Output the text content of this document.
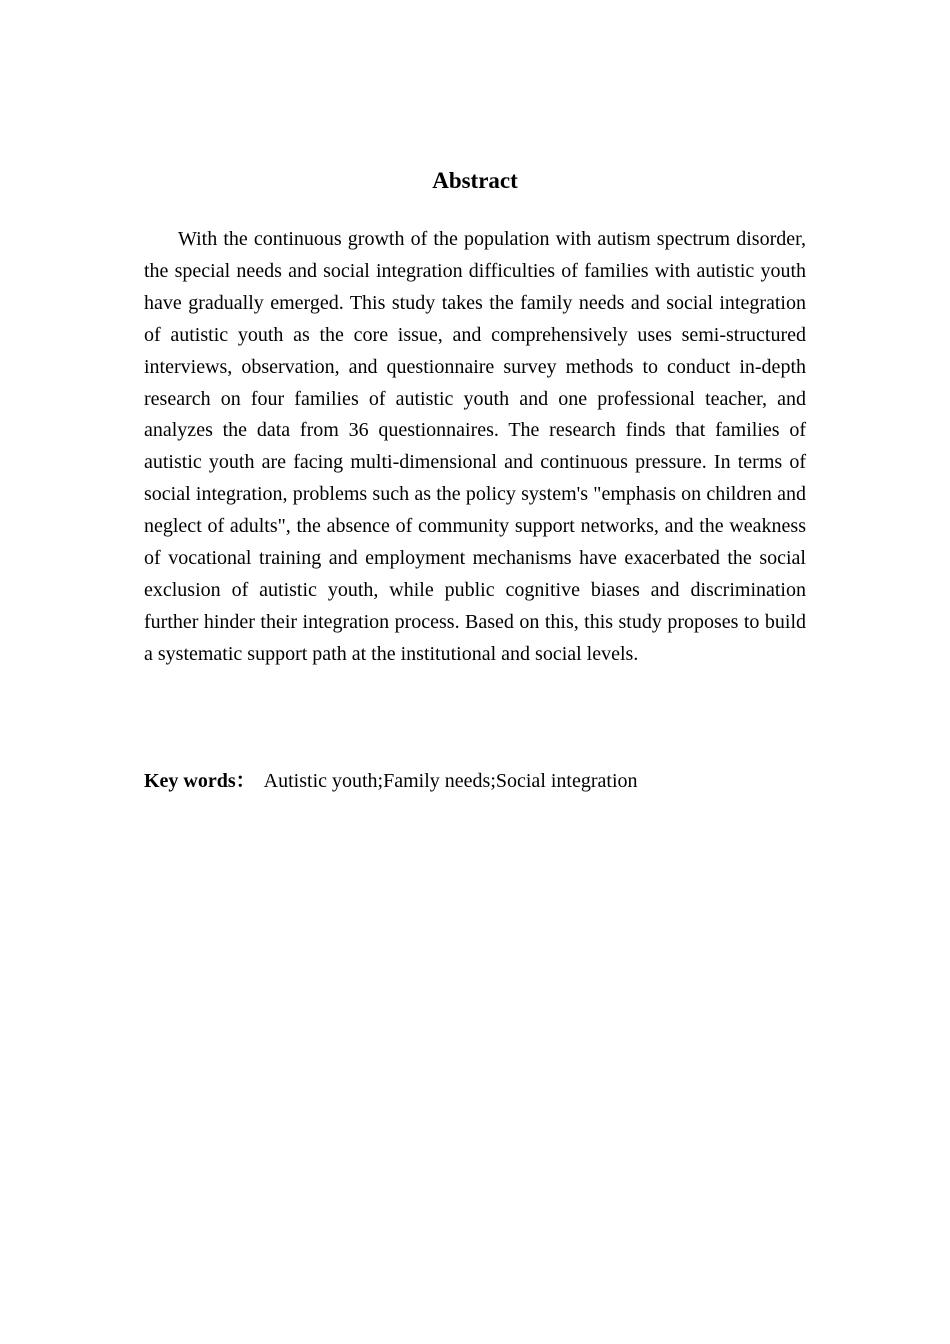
Abstract

With the continuous growth of the population with autism spectrum disorder, the special needs and social integration difficulties of families with autistic youth have gradually emerged. This study takes the family needs and social integration of autistic youth as the core issue, and comprehensively uses semi-structured interviews, observation, and questionnaire survey methods to conduct in-depth research on four families of autistic youth and one professional teacher, and analyzes the data from 36 questionnaires. The research finds that families of autistic youth are facing multi-dimensional and continuous pressure. In terms of social integration, problems such as the policy system's "emphasis on children and neglect of adults", the absence of community support networks, and the weakness of vocational training and employment mechanisms have exacerbated the social exclusion of autistic youth, while public cognitive biases and discrimination further hinder their integration process. Based on this, this study proposes to build a systematic support path at the institutional and social levels.

Key words： Autistic youth;Family needs;Social integration
